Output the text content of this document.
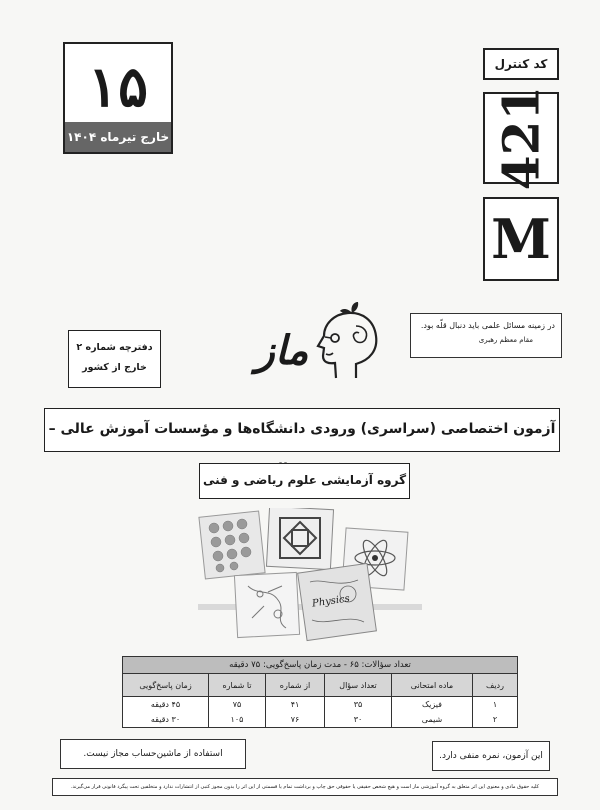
۱۵
خارج تیرماه ۱۴۰۴
کد کنترل
421
M
در زمینه مسائل علمی باید دنبال قلّه بود.
مقام معظم رهبری
دفترچه شماره ۲
خارج از کشور	ماز
آزمون اختصاصی (سراسری) ورودی دانشگاه‌ها و مؤسسات آموزش عالی –
گروه آزمایشی علوم ریاضی و فنی
Physics
تعداد سؤالات: ۶۵ - مدت زمان پاسخ‌گویی: ۷۵ دقیقه
ردیف	ماده امتحانی	تعداد سؤال	از شماره	تا شماره	زمان پاسخ‌گویی
۱	فیزیک	۳۵	۴۱	۷۵	۴۵ دقیقه
۲	شیمی	۳۰	۷۶	۱۰۵	۳۰ دقیقه
این آزمون، نمره منفی دارد.
استفاده از ماشین‌حساب مجاز نیست.
کلیه حقوق مادی و معنوی این اثر متعلق به گروه آموزشی ماز است و هیچ شخص حقیقی یا حقوقی حق چاپ و برداشت تمام یا قسمتی از این اثر را بدون مجوز کتبی از انتشارات ندارد و متخلفین تحت پیگرد قانونی قرار می‌گیرند.
